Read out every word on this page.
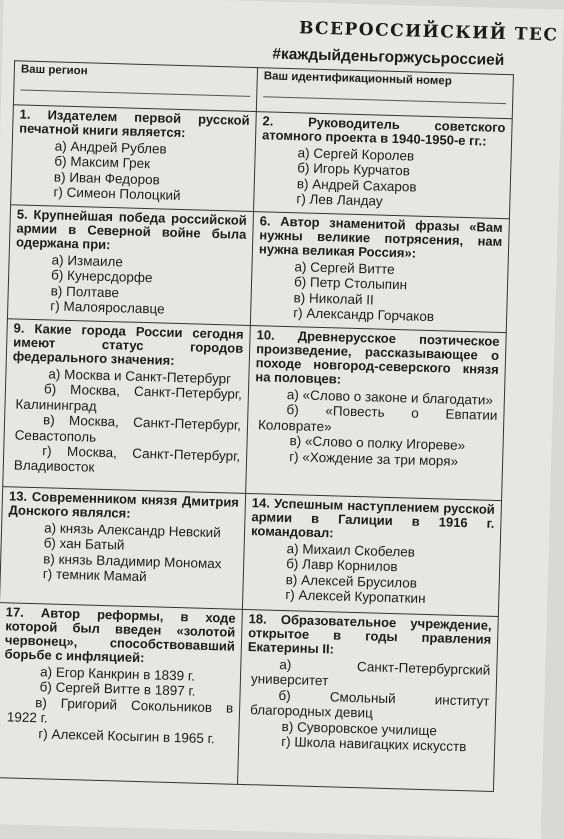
ВСЕРОССИЙСКИЙ ТЕС
#каждыйденьгоржусьроссией
Ваш регион	Ваш идентификационный номер
1. Издателем первой русской печатной книги является:
а) Андрей Рублев
б) Максим Грек
в) Иван Федоров
г) Симеон Полоцкий
2. Руководитель советского атомного проекта в 1940-1950-е гг.:
а) Сергей Королев
б) Игорь Курчатов
в) Андрей Сахаров
г) Лев Ландау
5. Крупнейшая победа российской армии в Северной войне была одержана при:
а) Измаиле
б) Кунерсдорфе
в) Полтаве
г) Малоярославце
6. Автор знаменитой фразы «Вам нужны великие потрясения, нам нужна великая Россия»:
а) Сергей Витте
б) Петр Столыпин
в) Николай II
г) Александр Горчаков
9. Какие города России сегодня имеют статус городов федерального значения:
а) Москва и Санкт-Петербург
б) Москва, Санкт-Петербург, Калининград
в) Москва, Санкт-Петербург, Севастополь
г) Москва, Санкт-Петербург, Владивосток
10. Древнерусское поэтическое произведение, рассказывающее о походе новгород-северского князя на половцев:
а) «Слово о законе и благодати»
б) «Повесть о Евпатии Коловрате»
в) «Слово о полку Игореве»
г) «Хождение за три моря»
13. Современником князя Дмитрия Донского являлся:
а) князь Александр Невский
б) хан Батый
в) князь Владимир Мономах
г) темник Мамай
14. Успешным наступлением русской армии в Галиции в 1916 г. командовал:
а) Михаил Скобелев
б) Лавр Корнилов
в) Алексей Брусилов
г) Алексей Куропаткин
17. Автор реформы, в ходе которой был введен «золотой червонец», способствовавший борьбе с инфляцией:
а) Егор Канкрин в 1839 г.
б) Сергей Витте в 1897 г.
в) Григорий Сокольников в 1922 г.
г) Алексей Косыгин в 1965 г.
18. Образовательное учреждение, открытое в годы правления Екатерины II:
а) Санкт-Петербургский университет
б) Смольный институт благородных девиц
в) Суворовское училище
г) Школа навигацких искусств
